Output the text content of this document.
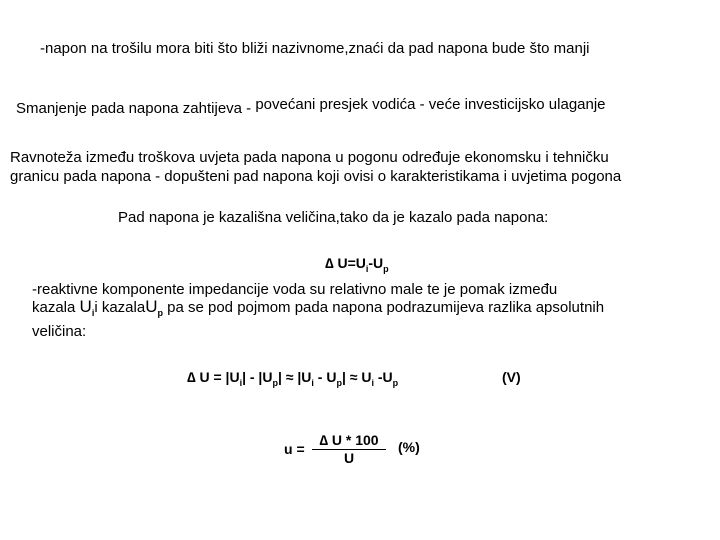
-napon na trošilu mora biti što bliži nazivnome,znaći da pad napona bude što manji
Smanjenje pada napona zahtijeva - povećani presjek vodića - veće investicijsko ulaganje
Ravnoteža između troškova uvjeta pada napona u pogonu određuje ekonomsku i tehničku
granicu pada napona - dopušteni pad napona koji ovisi o karakteristikama i uvjetima pogona
Pad napona je kazališna veličina,tako da je kazalo pada napona:
∆ $U=U_i-U_p$
-reaktivne komponente impedancije voda su relativno male te je pomak između
kazala $U_ii$ kazalaU$_p$ pa se pod pojmom pada napona podrazumijeva razlika apsolutnih
veličina:
∆ $U = |U_i| - |U_p| \approx |U_i - U_p| \approx U_i$ $-U_p$	(V)
$u = \frac{\Delta U * 100}{U}$ (%)
